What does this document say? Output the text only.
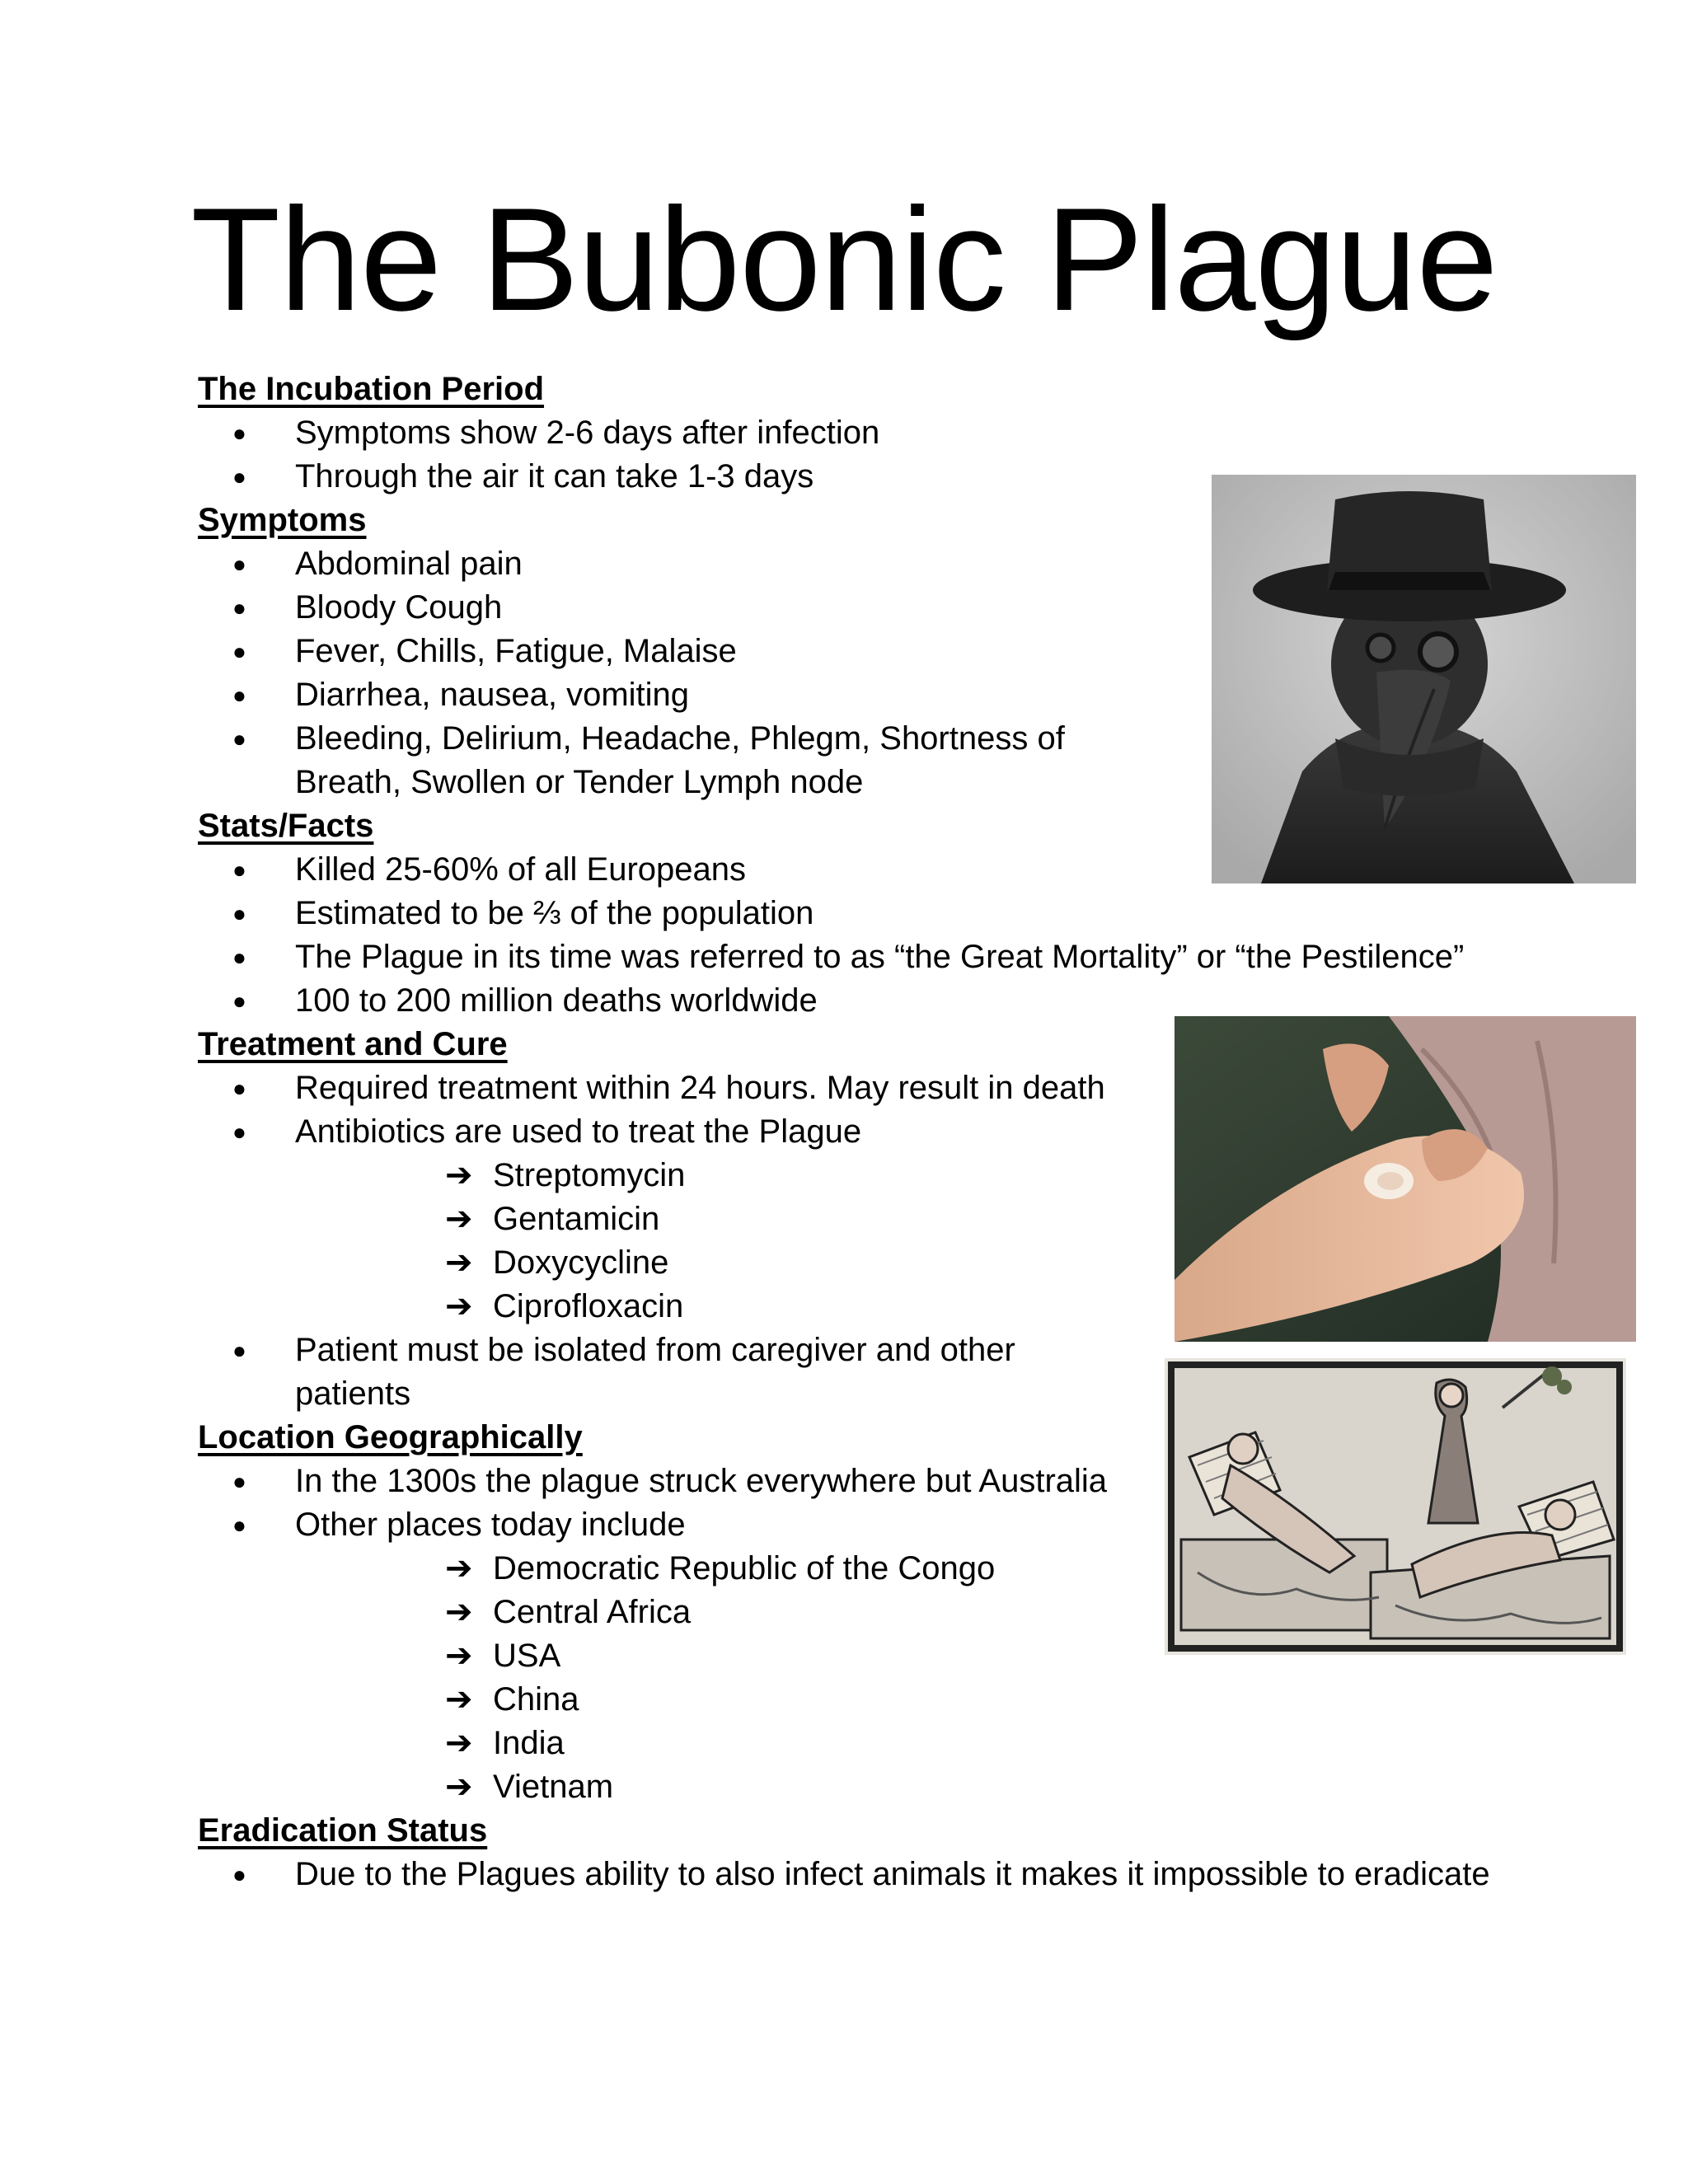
The Bubonic Plague
The Incubation Period
● Symptoms show 2-6 days after infection
● Through the air it can take 1-3 days
Symptoms
● Abdominal pain
● Bloody Cough
● Fever, Chills, Fatigue, Malaise
● Diarrhea, nausea, vomiting
● Bleeding, Delirium, Headache, Phlegm, Shortness of Breath, Swollen or Tender Lymph node
Stats/Facts
● Killed 25-60% of all Europeans
● Estimated to be ⅔ of the population
● The Plague in its time was referred to as “the Great Mortality” or “the Pestilence”
● 100 to 200 million deaths worldwide
Treatment and Cure
● Required treatment within 24 hours. May result in death
● Antibiotics are used to treat the Plague
➔ Streptomycin
➔ Gentamicin
➔ Doxycycline
➔ Ciprofloxacin
● Patient must be isolated from caregiver and other patients
Location Geographically
● In the 1300s the plague struck everywhere but Australia
● Other places today include
➔ Democratic Republic of the Congo
➔ Central Africa
➔ USA
➔ China
➔ India
➔ Vietnam
Eradication Status
● Due to the Plagues ability to also infect animals it makes it impossible to eradicate
